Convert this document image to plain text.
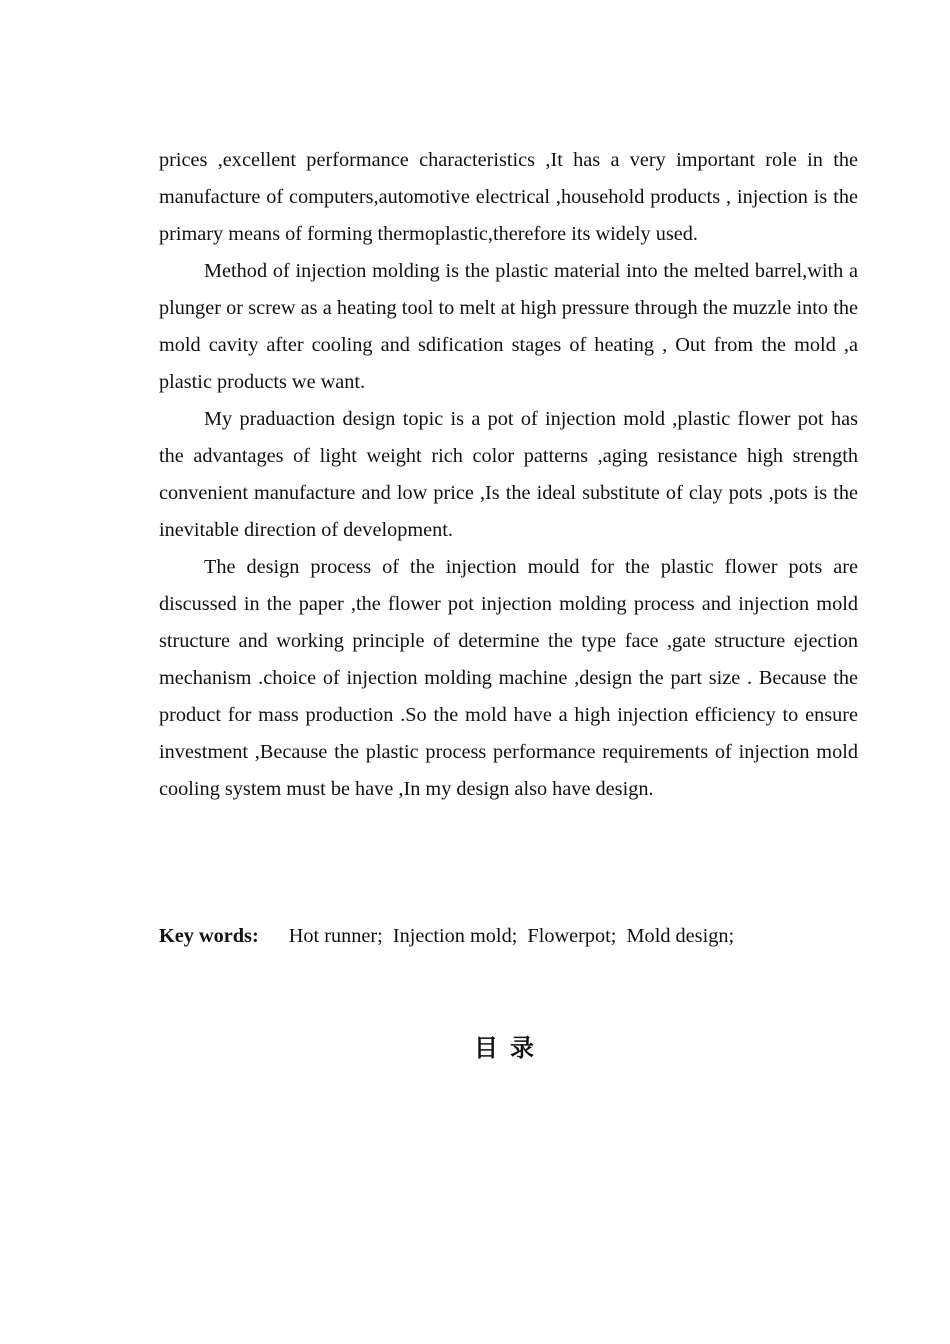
prices ,excellent performance characteristics ,It has a very important role in the manufacture of computers,automotive electrical ,household products , injection is the primary means of forming thermoplastic,therefore its widely used.

Method of injection molding is the plastic material into the melted barrel,with a plunger or screw as a heating tool to melt at high pressure through the muzzle into the mold cavity after cooling and sdification stages of heating , Out from the mold ,a plastic products we want.

My praduaction design topic is a pot of injection mold ,plastic flower pot has the advantages of light weight rich color patterns ,aging resistance high strength convenient manufacture and low price ,Is the ideal substitute of clay pots ,pots is the inevitable direction of development.

The design process of the injection mould for the plastic flower pots are discussed in the paper ,the flower pot injection molding process and injection mold structure and working principle of determine the type face ,gate structure ejection mechanism .choice of injection molding machine ,design the part size . Because the product for mass production .So the mold have a high injection efficiency to ensure investment ,Because the plastic process performance requirements of injection mold cooling system must be have ,In my design also have design.

Key words: Hot runner; Injection mold; Flowerpot; Mold design;
目录
